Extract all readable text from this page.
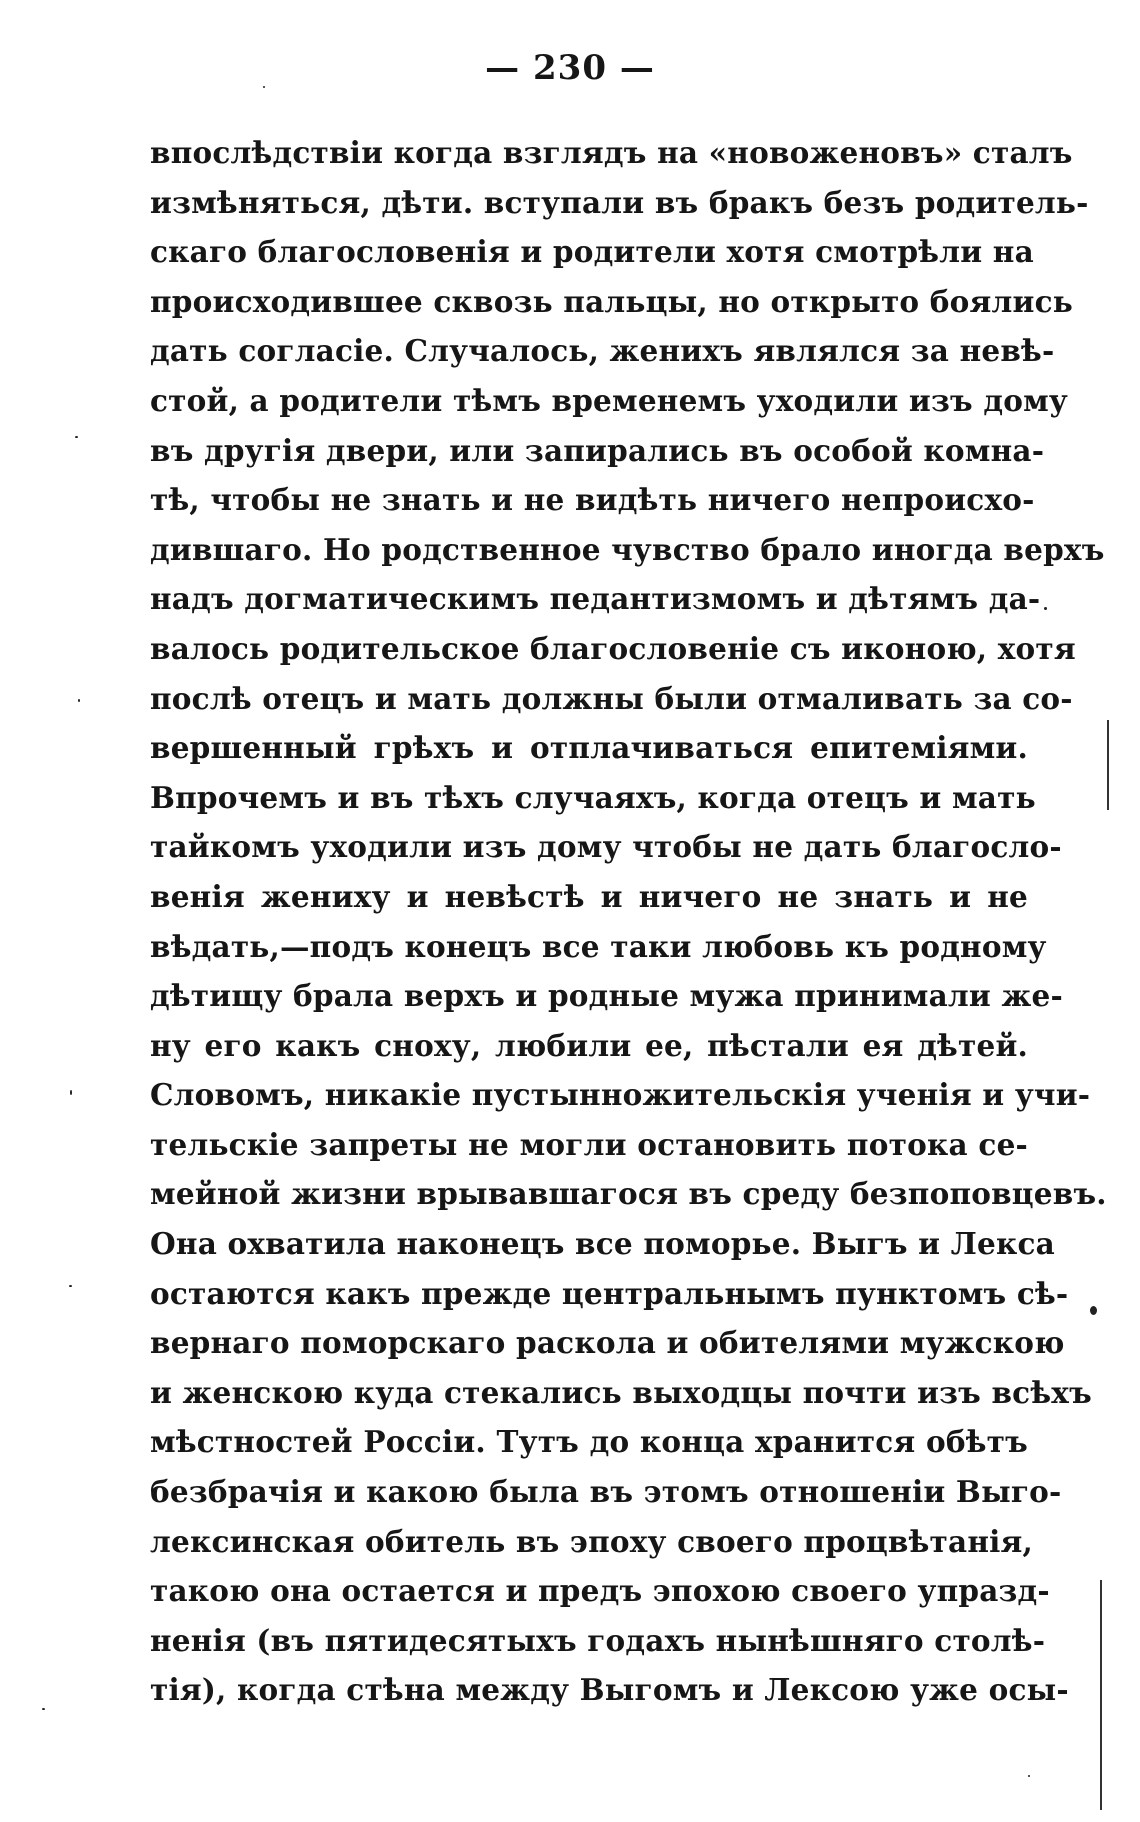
— 230 —
впослѣдствіи когда взглядъ на «новоженовъ» сталъ
измѣняться, дѣти. вступали въ бракъ безъ родитель-
скаго благословенія и родители хотя смотрѣли на
происходившее сквозь пальцы, но открыто боялись
дать согласіе. Случалось, женихъ являлся за невѣ-
стой, а родители тѣмъ временемъ уходили изъ дому
въ другія двери, или запирались въ особой комна-
тѣ, чтобы не знать и не видѣть ничего непроисхо-
дившаго. Но родственное чувство брало иногда верхъ
надъ догматическимъ педантизмомъ и дѣтямъ да-
валось родительское благословеніе съ иконою, хотя
послѣ отецъ и мать должны были отмаливать за со-
вершенный грѣхъ и отплачиваться епитеміями.
Впрочемъ и въ тѣхъ случаяхъ, когда отецъ и мать
тайкомъ уходили изъ дому чтобы не дать благосло-
венія жениху и невѣстѣ и ничего не знать и не
вѣдать,—подъ конецъ все таки любовь къ родному
дѣтищу брала верхъ и родные мужа принимали же-
ну его какъ сноху, любили ее, пѣстали ея дѣтей.
Словомъ, никакіе пустынножительскія ученія и учи-
тельскіе запреты не могли остановить потока се-
мейной жизни врывавшагося въ среду безпоповцевъ.
Она охватила наконецъ все поморье. Выгъ и Лекса
остаются какъ прежде центральнымъ пунктомъ сѣ-
вернаго поморскаго раскола и обителями мужскою
и женскою куда стекались выходцы почти изъ всѣхъ
мѣстностей Россіи. Тутъ до конца хранится обѣтъ
безбрачія и какою была въ этомъ отношеніи Выго-
лексинская обитель въ эпоху своего процвѣтанія,
такою она остается и предъ эпохою своего упразд-
ненія (въ пятидесятыхъ годахъ нынѣшняго столѣ-
тія), когда стѣна между Выгомъ и Лексою уже осы-
